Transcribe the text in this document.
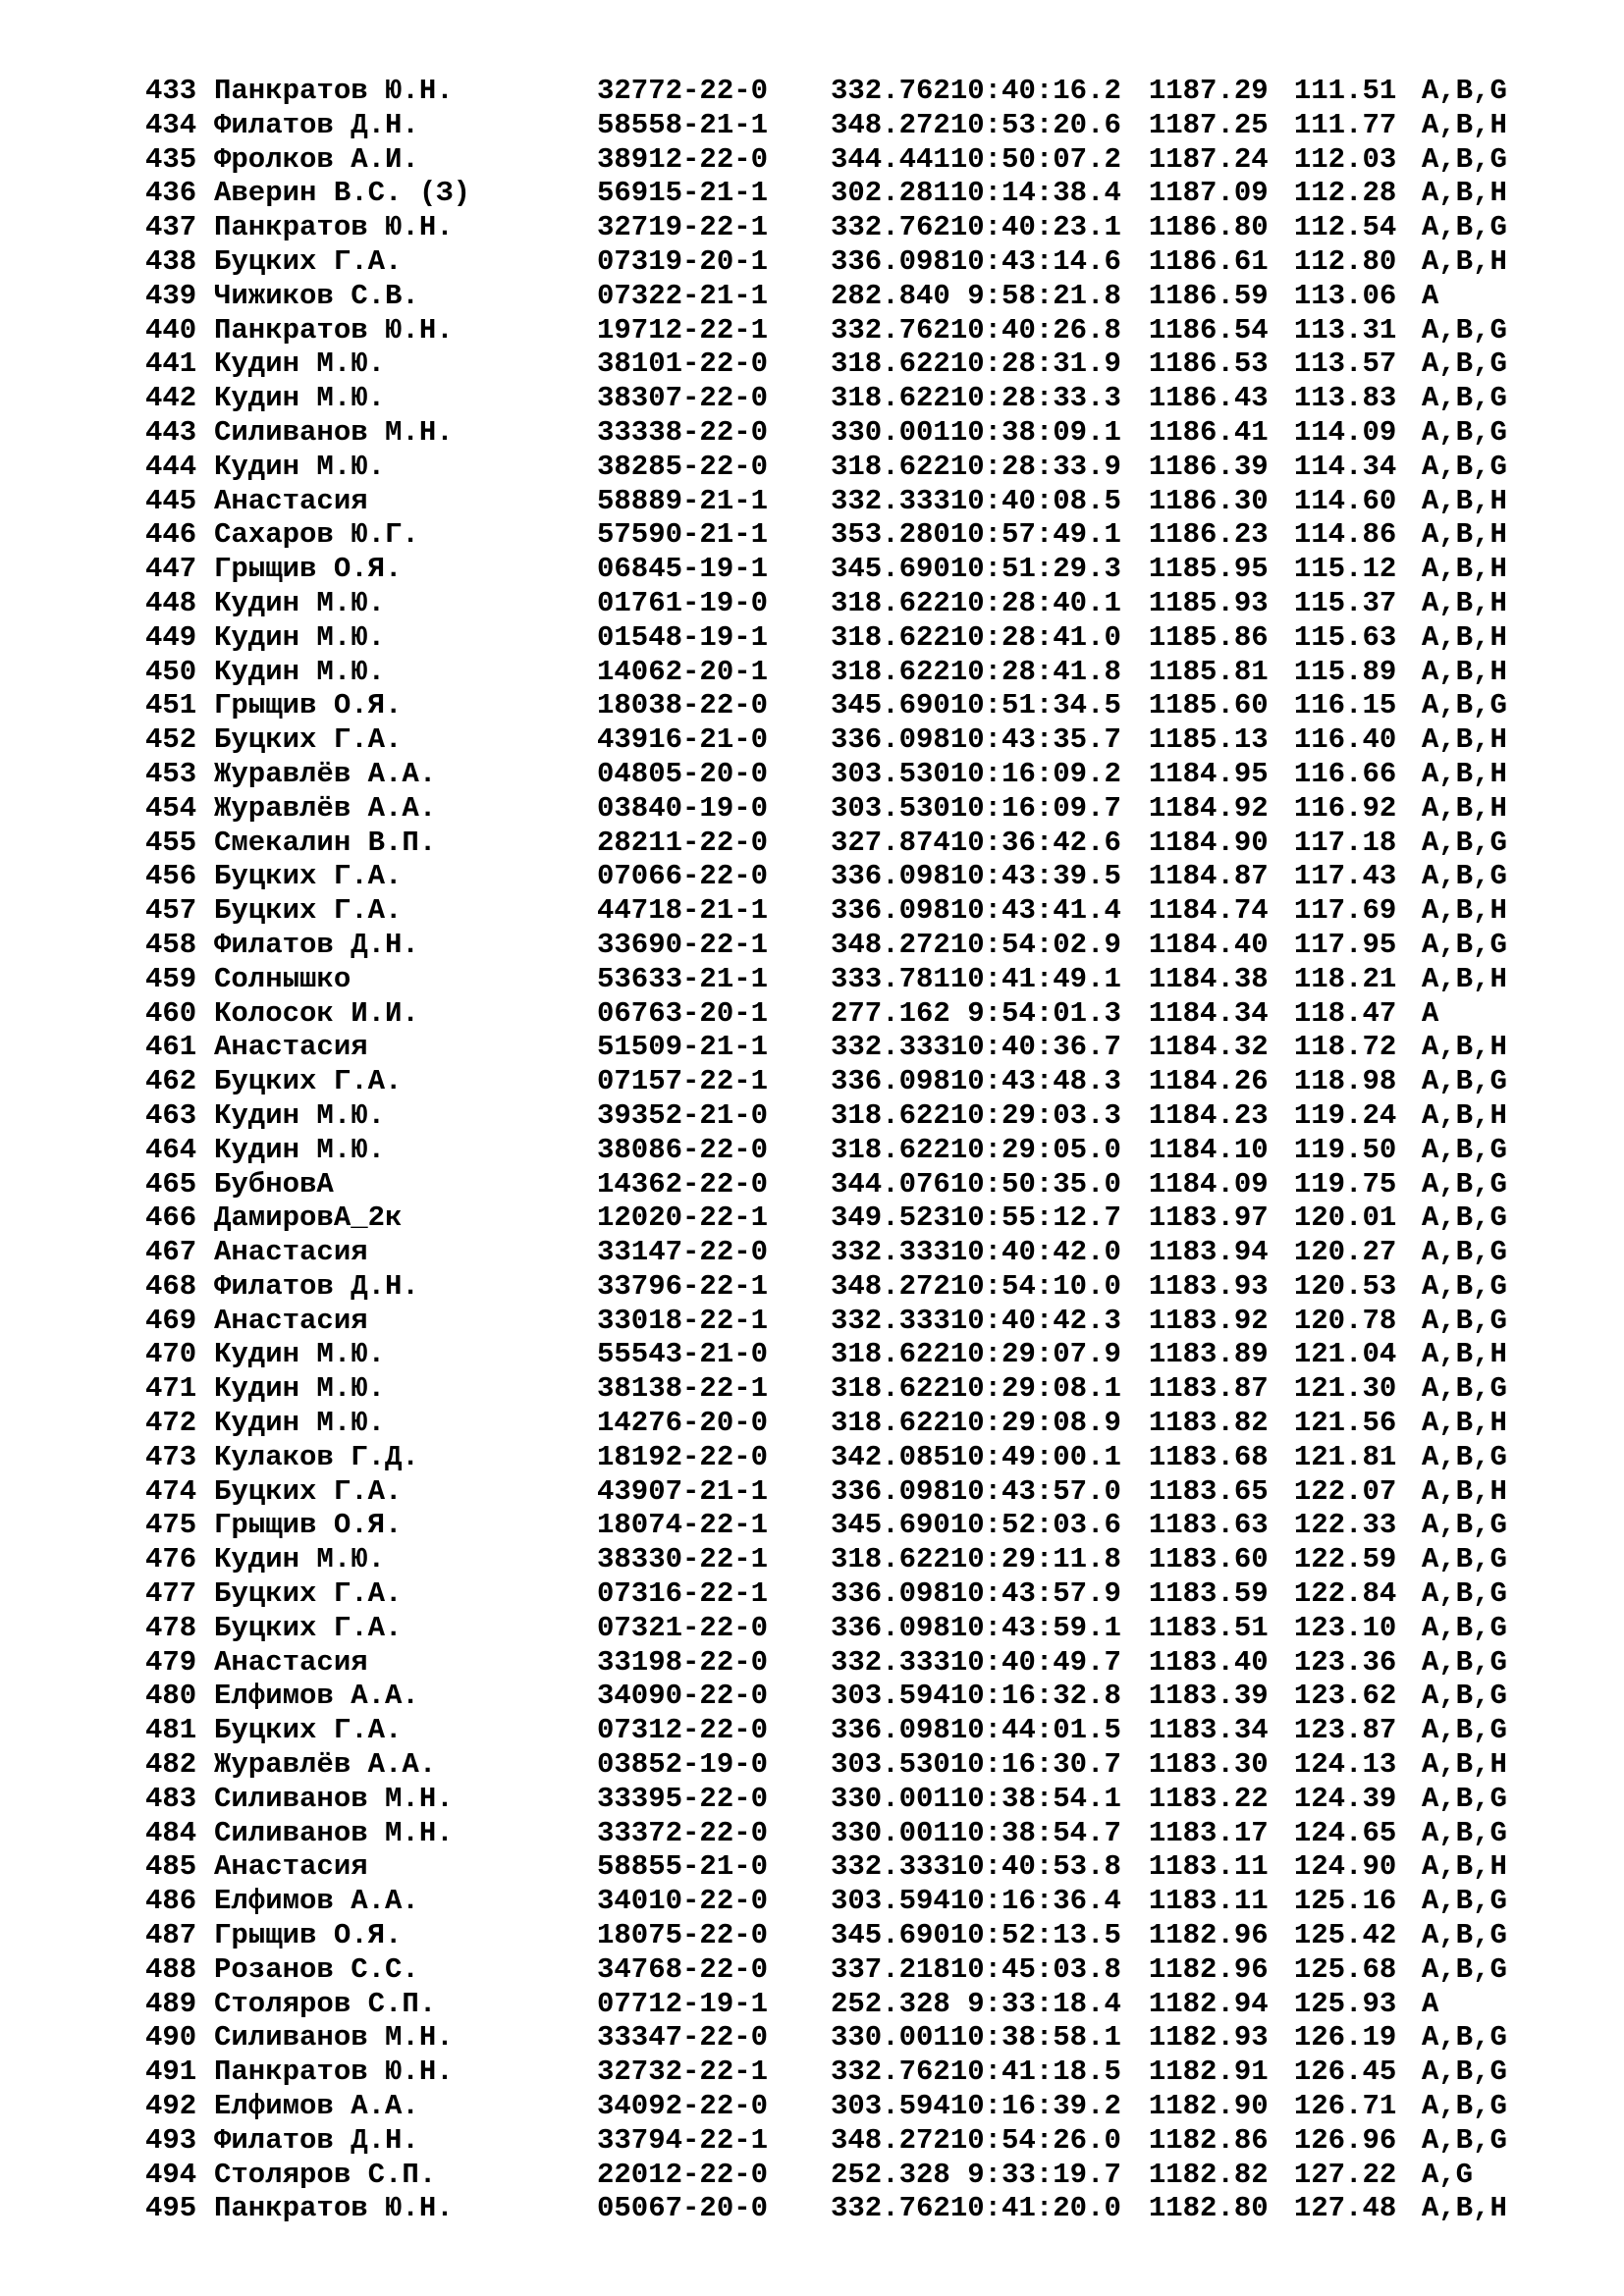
433 Панкратов Ю.Н.	32772-22-0 332.76210:40:16.2 1187.29 111.51 A,B,G
434 Филатов Д.Н.	58558-21-1 348.27210:53:20.6 1187.25 111.77 A,B,H
435 Фролков А.И.	38912-22-0 344.44110:50:07.2 1187.24 112.03 A,B,G
436 Аверин В.С. (З)	56915-21-1 302.28110:14:38.4 1187.09 112.28 A,B,H
437 Панкратов Ю.Н.	32719-22-1 332.76210:40:23.1 1186.80 112.54 A,B,G
438 Буцких Г.А.	07319-20-1 336.09810:43:14.6 1186.61 112.80 A,B,H
439 Чижиков С.В.	07322-21-1 282.840 9:58:21.8 1186.59 113.06 A
440 Панкратов Ю.Н.	19712-22-1 332.76210:40:26.8 1186.54 113.31 A,B,G
441 Кудин М.Ю.	38101-22-0 318.62210:28:31.9 1186.53 113.57 A,B,G
442 Кудин М.Ю.	38307-22-0 318.62210:28:33.3 1186.43 113.83 A,B,G
443 Силиванов М.Н.	33338-22-0 330.00110:38:09.1 1186.41 114.09 A,B,G
444 Кудин М.Ю.	38285-22-0 318.62210:28:33.9 1186.39 114.34 A,B,G
445 Анастасия	58889-21-1 332.33310:40:08.5 1186.30 114.60 A,B,H
446 Сахаров Ю.Г.	57590-21-1 353.28010:57:49.1 1186.23 114.86 A,B,H
447 Грыщив О.Я.	06845-19-1 345.69010:51:29.3 1185.95 115.12 A,B,H
448 Кудин М.Ю.	01761-19-0 318.62210:28:40.1 1185.93 115.37 A,B,H
449 Кудин М.Ю.	01548-19-1 318.62210:28:41.0 1185.86 115.63 A,B,H
450 Кудин М.Ю.	14062-20-1 318.62210:28:41.8 1185.81 115.89 A,B,H
451 Грыщив О.Я.	18038-22-0 345.69010:51:34.5 1185.60 116.15 A,B,G
452 Буцких Г.А.	43916-21-0 336.09810:43:35.7 1185.13 116.40 A,B,H
453 Журавлёв А.А.	04805-20-0 303.53010:16:09.2 1184.95 116.66 A,B,H
454 Журавлёв А.А.	03840-19-0 303.53010:16:09.7 1184.92 116.92 A,B,H
455 Смекалин В.П.	28211-22-0 327.87410:36:42.6 1184.90 117.18 A,B,G
456 Буцких Г.А.	07066-22-0 336.09810:43:39.5 1184.87 117.43 A,B,G
457 Буцких Г.А.	44718-21-1 336.09810:43:41.4 1184.74 117.69 A,B,H
458 Филатов Д.Н.	33690-22-1 348.27210:54:02.9 1184.40 117.95 A,B,G
459 Солнышко	53633-21-1 333.78110:41:49.1 1184.38 118.21 A,B,H
460 Колосок И.И.	06763-20-1 277.162 9:54:01.3 1184.34 118.47 A
461 Анастасия	51509-21-1 332.33310:40:36.7 1184.32 118.72 A,B,H
462 Буцких Г.А.	07157-22-1 336.09810:43:48.3 1184.26 118.98 A,B,G
463 Кудин М.Ю.	39352-21-0 318.62210:29:03.3 1184.23 119.24 A,B,H
464 Кудин М.Ю.	38086-22-0 318.62210:29:05.0 1184.10 119.50 A,B,G
465 БубновА	14362-22-0 344.07610:50:35.0 1184.09 119.75 A,B,G
466 ДамировА_2к	12020-22-1 349.52310:55:12.7 1183.97 120.01 A,B,G
467 Анастасия	33147-22-0 332.33310:40:42.0 1183.94 120.27 A,B,G
468 Филатов Д.Н.	33796-22-1 348.27210:54:10.0 1183.93 120.53 A,B,G
469 Анастасия	33018-22-1 332.33310:40:42.3 1183.92 120.78 A,B,G
470 Кудин М.Ю.	55543-21-0 318.62210:29:07.9 1183.89 121.04 A,B,H
471 Кудин М.Ю.	38138-22-1 318.62210:29:08.1 1183.87 121.30 A,B,G
472 Кудин М.Ю.	14276-20-0 318.62210:29:08.9 1183.82 121.56 A,B,H
473 Кулаков Г.Д.	18192-22-0 342.08510:49:00.1 1183.68 121.81 A,B,G
474 Буцких Г.А.	43907-21-1 336.09810:43:57.0 1183.65 122.07 A,B,H
475 Грыщив О.Я.	18074-22-1 345.69010:52:03.6 1183.63 122.33 A,B,G
476 Кудин М.Ю.	38330-22-1 318.62210:29:11.8 1183.60 122.59 A,B,G
477 Буцких Г.А.	07316-22-1 336.09810:43:57.9 1183.59 122.84 A,B,G
478 Буцких Г.А.	07321-22-0 336.09810:43:59.1 1183.51 123.10 A,B,G
479 Анастасия	33198-22-0 332.33310:40:49.7 1183.40 123.36 A,B,G
480 Елфимов А.А.	34090-22-0 303.59410:16:32.8 1183.39 123.62 A,B,G
481 Буцких Г.А.	07312-22-0 336.09810:44:01.5 1183.34 123.87 A,B,G
482 Журавлёв А.А.	03852-19-0 303.53010:16:30.7 1183.30 124.13 A,B,H
483 Силиванов М.Н.	33395-22-0 330.00110:38:54.1 1183.22 124.39 A,B,G
484 Силиванов М.Н.	33372-22-0 330.00110:38:54.7 1183.17 124.65 A,B,G
485 Анастасия	58855-21-0 332.33310:40:53.8 1183.11 124.90 A,B,H
486 Елфимов А.А.	34010-22-0 303.59410:16:36.4 1183.11 125.16 A,B,G
487 Грыщив О.Я.	18075-22-0 345.69010:52:13.5 1182.96 125.42 A,B,G
488 Розанов С.С.	34768-22-0 337.21810:45:03.8 1182.96 125.68 A,B,G
489 Столяров С.П.	07712-19-1 252.328 9:33:18.4 1182.94 125.93 A
490 Силиванов М.Н.	33347-22-0 330.00110:38:58.1 1182.93 126.19 A,B,G
491 Панкратов Ю.Н.	32732-22-1 332.76210:41:18.5 1182.91 126.45 A,B,G
492 Елфимов А.А.	34092-22-0 303.59410:16:39.2 1182.90 126.71 A,B,G
493 Филатов Д.Н.	33794-22-1 348.27210:54:26.0 1182.86 126.96 A,B,G
494 Столяров С.П.	22012-22-0 252.328 9:33:19.7 1182.82 127.22 A,G
495 Панкратов Ю.Н.	05067-20-0 332.76210:41:20.0 1182.80 127.48 A,B,H
